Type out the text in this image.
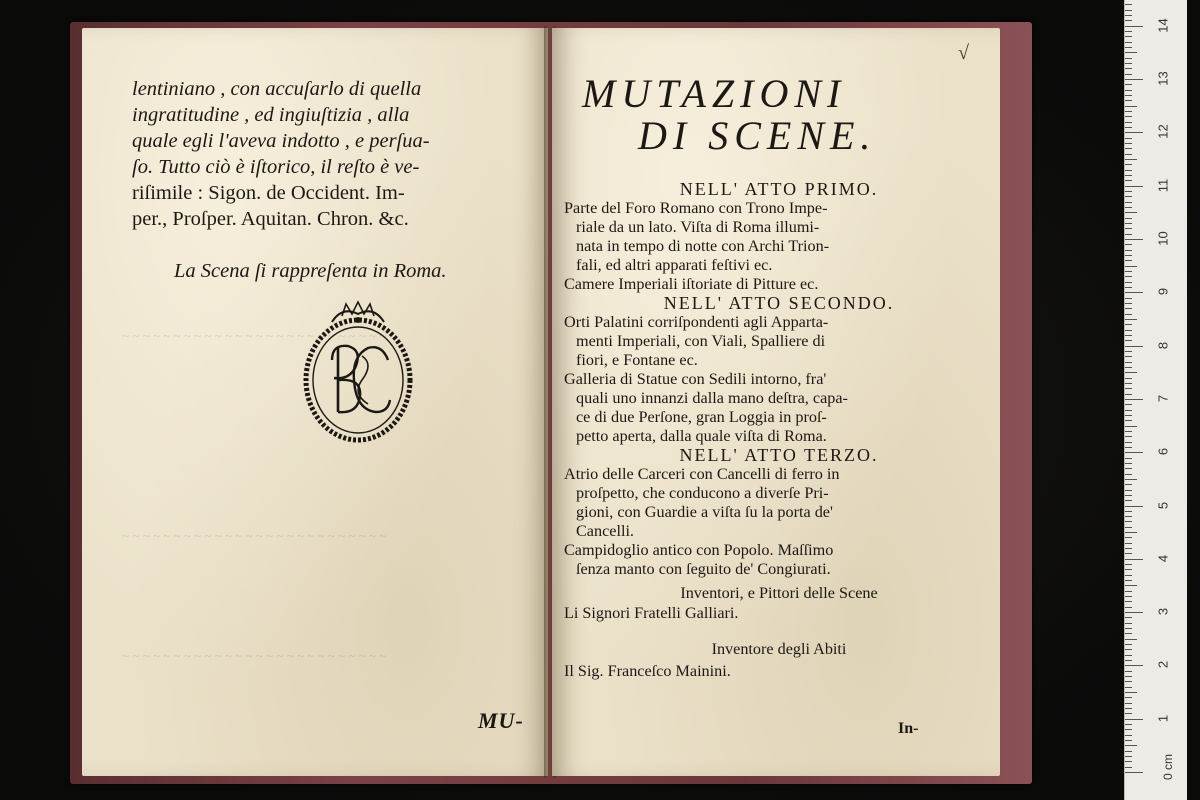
~ ~ ~ ~ ~ ~ ~ ~ ~ ~ ~ ~ ~ ~ ~ ~ ~ ~ ~ ~ ~ ~ ~ ~ ~ ~
~ ~ ~ ~ ~ ~ ~ ~ ~ ~ ~ ~ ~ ~ ~ ~ ~ ~ ~ ~ ~ ~ ~ ~ ~ ~
~ ~ ~ ~ ~ ~ ~ ~ ~ ~ ~ ~ ~ ~ ~ ~ ~ ~ ~ ~ ~ ~ ~ ~ ~ ~
lentiniano , con accuſarlo di quella
ingratitudine , ed ingiuſtizia , alla
quale egli l'aveva indotto , e perſua-
ſo. Tutto ciò è iſtorico, il reſto è ve-
riſimile : Sigon. de Occident. Im-
per., Proſper. Aquitan. Chron. &c.
La Scena ſi rappreſenta in Roma.
MU-
√
MUTAZIONI
DI SCENE.
NELL' ATTO PRIMO.
Parte del Foro Romano con Trono Impe-
riale da un lato. Viſta di Roma illumi-
nata in tempo di notte con Archi Trion-
fali, ed altri apparati feſtivi ec.
Camere Imperiali iſtoriate di Pitture ec.
NELL' ATTO SECONDO.
Orti Palatini corriſpondenti agli Apparta-
menti Imperiali, con Viali, Spalliere di
fiori, e Fontane ec.
Galleria di Statue con Sedili intorno, fra'
quali uno innanzi dalla mano deſtra, capa-
ce di due Perſone, gran Loggia in proſ-
petto aperta, dalla quale viſta di Roma.
NELL' ATTO TERZO.
Atrio delle Carceri con Cancelli di ferro in
proſpetto, che conducono a diverſe Pri-
gioni, con Guardie a viſta ſu la porta de'
Cancelli.
Campidoglio antico con Popolo. Maſſimo
ſenza manto con ſeguito de' Congiurati.
Inventori, e Pittori delle Scene
Li Signori Fratelli Galliari.
Inventore degli Abiti
Il Sig. Franceſco Mainini.
In-
0 cm
1
2
3
4
5
6
7
8
9
10
11
12
13
14
